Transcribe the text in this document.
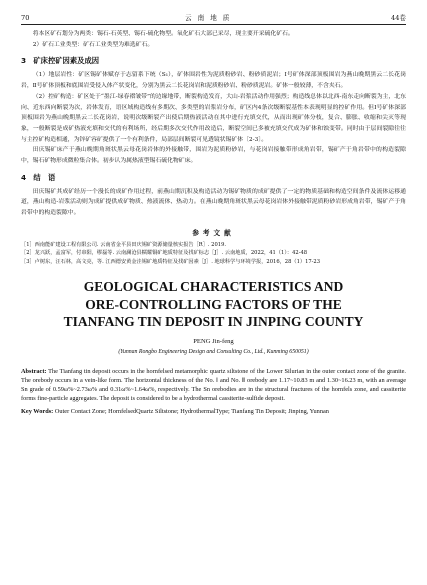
70	云南地质	44卷

将本区矿石划分为两类：锡石-石英型、锡石-硫化物型。氧化矿石大部已采尽，现主要开采硫化矿石。

2）矿石工业类型：矿石工业类型为难选矿石。

3　矿床控矿因素及成因

（1）地层岩性：矿区锡矿体赋存于志留系下统（S₁），矿体围岩性为泥质粉砂岩、粉砂质泥岩；Ⅰ号矿体深部顶板围岩为燕山晚期黑云二长花岗岩，Ⅱ号矿体顶板和底围岩受侵入体产状变化，分别为黑云二长花岗岩和泥质粉砂岩、粉砂质泥岩。矿体一般较薄，不含夹石。

（2）控矿构造：矿区处于“墨江-绿春褶皱带”的边缘地带，断裂构造发育，大山-岩浆活动作用强烈；构造线总体以北西-南东走向断裂为主，北东向、近东西向断裂为次，岩体发育，语区域构造线有多期次、多类型的岩浆岩分布，矿区内4条次级断裂基性本表现明显的控矿作用。但Ⅰ号矿体深部顶板围岩为燕山晚期黑云二长花岗岩，说明次级断裂产出使后期热液活动在其中进行充填交代，从而出现矿体分枝，复合、膨胀、收缩和尖灭等现象，一般断裂是成矿热液充填和交代的有利场所，经后期多次交代作用改造后，断裂空间已多被充填交代成为矿体和蚀变带。同时由于层间裂隙往往与主控矿构造相通，为锌矿容矿提供了一个有利条件，局部层间断裂可见透镜状锡矿体〔2-3〕。

田庆锡矿床产于燕山晚期角斑状黑云母花岗岩体的外接触带，围岩为泥质粉砂岩，与花岗岩接触带形成角岩带，锡矿产于角岩带中的构造裂隙中，锡石矿物形成微粒集合体。初步认为属热液型锡石硫化物矿床。

4　结　语

田庆锡矿其成矿经历一个漫长的成矿作用过程，前燕山期沉积及构造活动为锡矿物质的成矿提供了一定的物质基础和构造空间条件及流体运移通道，燕山构造-岩浆活动则为成矿提供成矿物质、热液流体、热动力。在燕山晚期角斑状黑云母花岗岩体外接触带泥质粉砂岩形成角岩带，锡矿产于角岩带中的构造裂隙中。

参考文献

［1］西南能矿建设工程有限公司. 云南省金平县田庆锡矿资源储量核实报告［R］. 2019.

［2］龙兴跃，孟富军，付串阳，缪磊等. 云南澜沧县糯耀铜矿地质特征及找矿标志［J］. 云南地质，2022，41（1）：42-48

［3］卢树东，汪石林，高文亮，等. 江西德安黄金洼锡矿地质特征及找矿因素［J］. 地球科学与环境学报，2016，28（1）17-23

GEOLOGICAL CHARACTERISTICS AND
ORE-CONTROLLING FACTORS OF THE
TIANFANG TIN DEPOSIT IN JINPING COUNTY
PENG Jin-feng
(Yunnan Rongbo Engineering Design and Consulting Co., Ltd., Kunming 650051)

Abstract: The Tianfang tin deposit occurs in the hornfelsed metamorphic quartz siltstone of the Lower Silurian in the outer contact zone of the granite. The orebody occurs in a vein-like form. The horizontal thickness of the No. Ⅰ and No. Ⅱ orebody are 1.17~10.83 m and 1.30~16.23 m, with an average Sn grade of 0.59ω%~2.73ω% and 0.31ω%~1.64ω%, respectively. The Sn orebodies are in the structural fractures of the hornfels zone, and cassiterite forms fine-particle aggregates. The deposit is considered to be a hydrothermal cassiterite-sulfide deposit.

Key Words: Outer Contact Zone; HornfelsedQuartz Siltstone; HydrothermalType; Tianfang Tin Deposit; Jinping, Yunnan
